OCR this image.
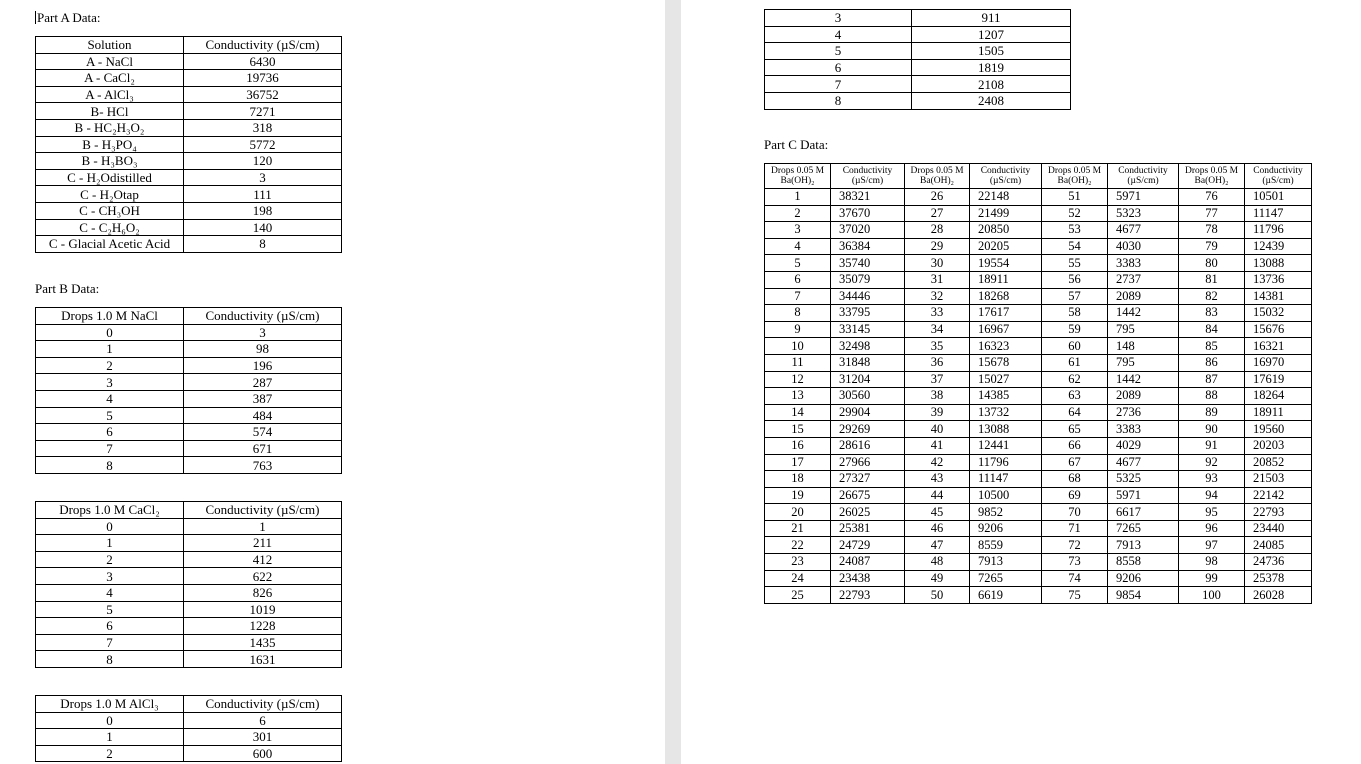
Part A Data:
Solution	Conductivity (µS/cm)
A - NaCl	6430
A - CaCl₂	19736
A - AlCl₃	36752
B- HCl	7271
B - HC₂H₃O₂	318
B - H₃PO₄	5772
B - H₃BO₃	120
C - H₂Odistilled	3
C - H₂Otap	111
C - CH₃OH	198
C - C₂H₆O₂	140
C - Glacial Acetic Acid	8
Part B Data:
Drops 1.0 M NaCl	Conductivity (µS/cm)
0	3
1	98
2	196
3	287
4	387
5	484
6	574
7	671
8	763
Drops 1.0 M CaCl₂	Conductivity (µS/cm)
0	1
1	211
2	412
3	622
4	826
5	1019
6	1228
7	1435
8	1631
Drops 1.0 M AlCl₃	Conductivity (µS/cm)
0	6
1	301
2	600
3	911
4	1207
5	1505
6	1819
7	2108
8	2408
Part C Data:
Drops 0.05 M Ba(OH)₂	Conductivity (µS/cm)	Drops 0.05 M Ba(OH)₂	Conductivity (µS/cm)	Drops 0.05 M Ba(OH)₂	Conductivity (µS/cm)	Drops 0.05 M Ba(OH)₂	Conductivity (µS/cm)
1	38321	26	22148	51	5971	76	10501
2	37670	27	21499	52	5323	77	11147
3	37020	28	20850	53	4677	78	11796
4	36384	29	20205	54	4030	79	12439
5	35740	30	19554	55	3383	80	13088
6	35079	31	18911	56	2737	81	13736
7	34446	32	18268	57	2089	82	14381
8	33795	33	17617	58	1442	83	15032
9	33145	34	16967	59	795	84	15676
10	32498	35	16323	60	148	85	16321
11	31848	36	15678	61	795	86	16970
12	31204	37	15027	62	1442	87	17619
13	30560	38	14385	63	2089	88	18264
14	29904	39	13732	64	2736	89	18911
15	29269	40	13088	65	3383	90	19560
16	28616	41	12441	66	4029	91	20203
17	27966	42	11796	67	4677	92	20852
18	27327	43	11147	68	5325	93	21503
19	26675	44	10500	69	5971	94	22142
20	26025	45	9852	70	6617	95	22793
21	25381	46	9206	71	7265	96	23440
22	24729	47	8559	72	7913	97	24085
23	24087	48	7913	73	8558	98	24736
24	23438	49	7265	74	9206	99	25378
25	22793	50	6619	75	9854	100	26028
